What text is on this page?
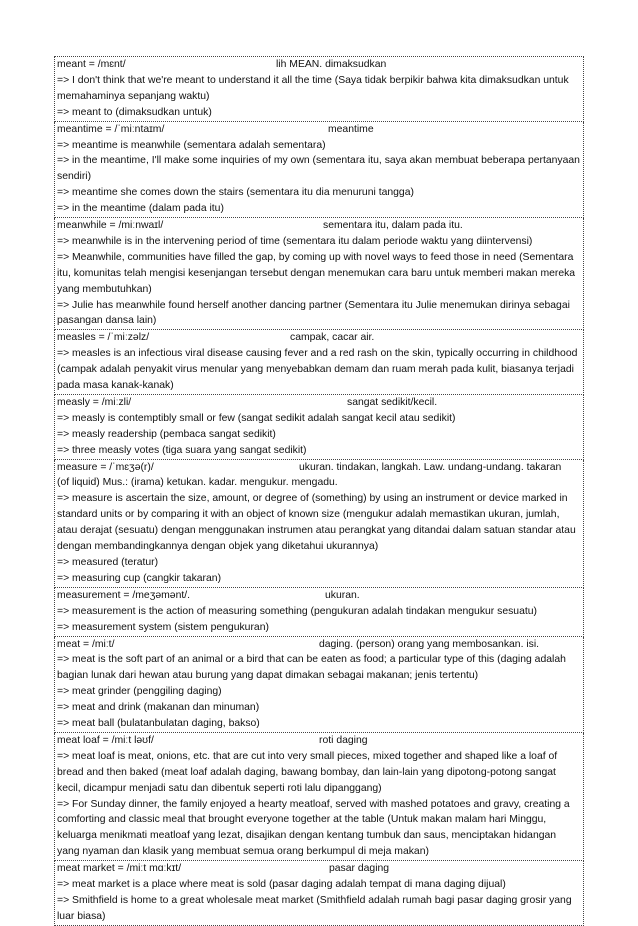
meant = /mɛnt/	lih MEAN. dimaksudkan
=> I don't think that we're meant to understand it all the time (Saya tidak berpikir bahwa kita dimaksudkan untuk memahaminya sepanjang waktu)
=> meant to (dimaksudkan untuk)
meantime = /ˈmiːntaɪm/	meantime
=> meantime is meanwhile (sementara adalah sementara)
=> in the meantime, I'll make some inquiries of my own (sementara itu, saya akan membuat beberapa pertanyaan sendiri)
=> meantime she comes down the stairs (sementara itu dia menuruni tangga)
=> in the meantime (dalam pada itu)
meanwhile = /miːnwaɪl/	sementara itu, dalam pada itu.
=> meanwhile is in the intervening period of time (sementara itu dalam periode waktu yang diintervensi)
=> Meanwhile, communities have filled the gap, by coming up with novel ways to feed those in need (Sementara itu, komunitas telah mengisi kesenjangan tersebut dengan menemukan cara baru untuk memberi makan mereka yang membutuhkan)
=> Julie has meanwhile found herself another dancing partner (Sementara itu Julie menemukan dirinya sebagai pasangan dansa lain)
measles = /ˈmiːzəlz/	campak, cacar air.
=> measles is an infectious viral disease causing fever and a red rash on the skin, typically occurring in childhood (campak adalah penyakit virus menular yang menyebabkan demam dan ruam merah pada kulit, biasanya terjadi pada masa kanak-kanak)
measly = /miːzli/	sangat sedikit/kecil.
=> measly is contemptibly small or few (sangat sedikit adalah sangat kecil atau sedikit)
=> measly readership (pembaca sangat sedikit)
=> three measly votes (tiga suara yang sangat sedikit)
measure = /ˈmɛʒə(r)/	ukuran. tindakan, langkah. Law. undang-undang. takaran
(of liquid) Mus.: (irama) ketukan. kadar. mengukur. mengadu.
=> measure is ascertain the size, amount, or degree of (something) by using an instrument or device marked in standard units or by comparing it with an object of known size (mengukur adalah memastikan ukuran, jumlah, atau derajat (sesuatu) dengan menggunakan instrumen atau perangkat yang ditandai dalam satuan standar atau dengan membandingkannya dengan objek yang diketahui ukurannya)
=> measured (teratur)
=> measuring cup (cangkir takaran)
measurement = /meʒəmənt/.	ukuran.
=> measurement is the action of measuring something (pengukuran adalah tindakan mengukur sesuatu)
=> measurement system (sistem pengukuran)
meat = /miːt/	daging. (person) orang yang membosankan. isi.
=> meat is the soft part of an animal or a bird that can be eaten as food; a particular type of this (daging adalah bagian lunak dari hewan atau burung yang dapat dimakan sebagai makanan; jenis tertentu)
=> meat grinder (penggiling daging)
=> meat and drink (makanan dan minuman)
=> meat ball (bulatanbulatan daging, bakso)
meat loaf = /miːt ləʊf/	roti daging
=> meat loaf is meat, onions, etc. that are cut into very small pieces, mixed together and shaped like a loaf of bread and then baked (meat loaf adalah daging, bawang bombay, dan lain-lain yang dipotong-potong sangat kecil, dicampur menjadi satu dan dibentuk seperti roti lalu dipanggang)
=> For Sunday dinner, the family enjoyed a hearty meatloaf, served with mashed potatoes and gravy, creating a comforting and classic meal that brought everyone together at the table (Untuk makan malam hari Minggu, keluarga menikmati meatloaf yang lezat, disajikan dengan kentang tumbuk dan saus, menciptakan hidangan yang nyaman dan klasik yang membuat semua orang berkumpul di meja makan)
meat market = /miːt mɑːkɪt/	pasar daging
=> meat market is a place where meat is sold (pasar daging adalah tempat di mana daging dijual)
=> Smithfield is home to a great wholesale meat market (Smithfield adalah rumah bagi pasar daging grosir yang luar biasa)
